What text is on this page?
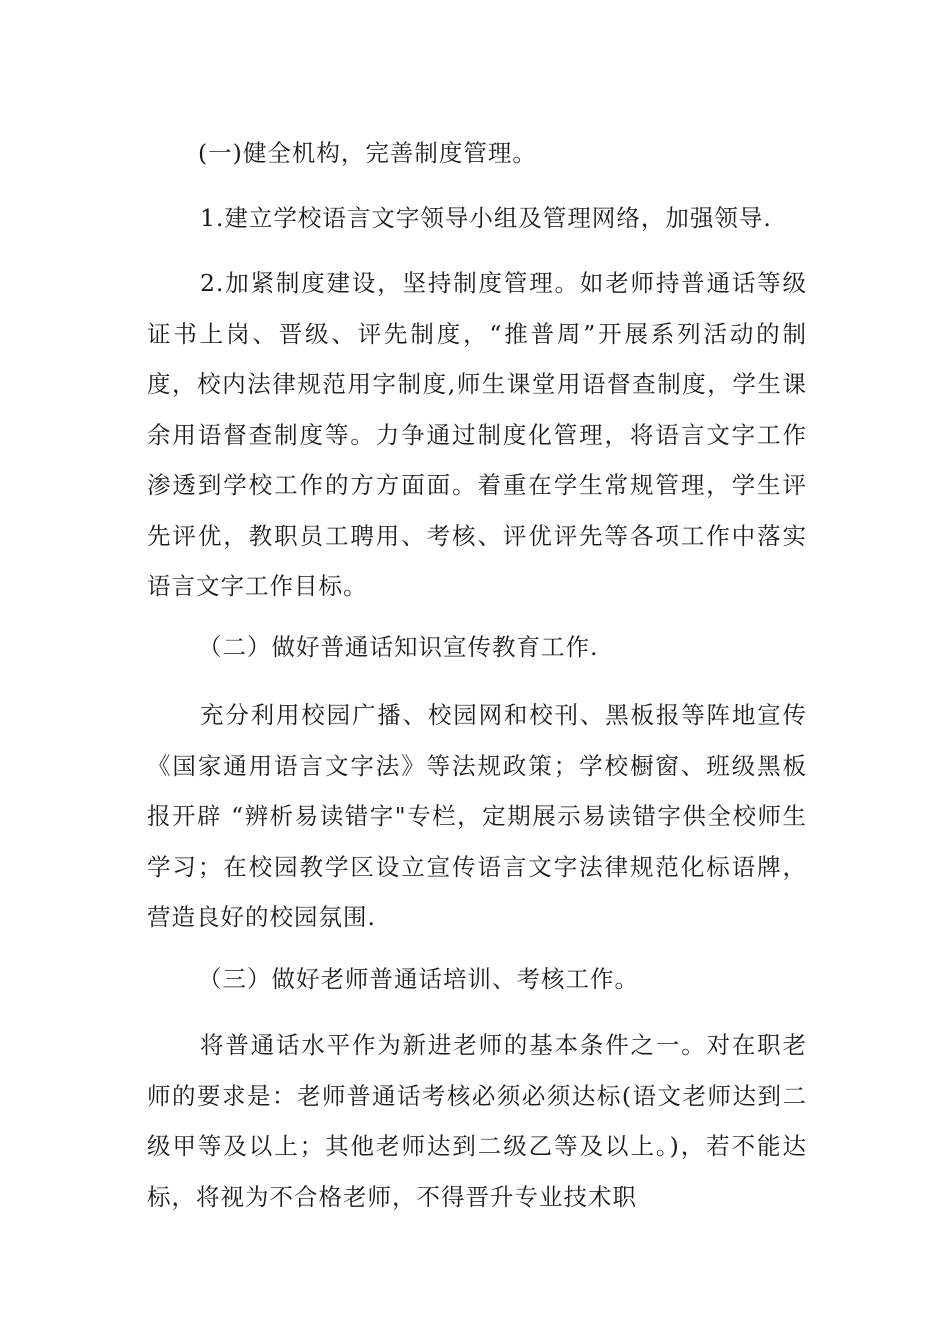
(一)健全机构，完善制度管理。

1.建立学校语言文字领导小组及管理网络，加强领导.

2.加紧制度建设，坚持制度管理。如老师持普通话等级证书上岗、晋级、评先制度，“推普周”开展系列活动的制度，校内法律规范用字制度,师生课堂用语督查制度，学生课余用语督查制度等。力争通过制度化管理，将语言文字工作渗透到学校工作的方方面面。着重在学生常规管理，学生评先评优，教职员工聘用、考核、评优评先等各项工作中落实语言文字工作目标。

（二）做好普通话知识宣传教育工作.

充分利用校园广播、校园网和校刊、黑板报等阵地宣传《国家通用语言文字法》等法规政策；学校橱窗、班级黑板报开辟 “辨析易读错字"专栏，定期展示易读错字供全校师生学习；在校园教学区设立宣传语言文字法律规范化标语牌，营造良好的校园氛围.

（三）做好老师普通话培训、考核工作。

将普通话水平作为新进老师的基本条件之一。对在职老师的要求是：老师普通话考核必须必须达标(语文老师达到二级甲等及以上；其他老师达到二级乙等及以上。)，若不能达标，将视为不合格老师，不得晋升专业技术职
